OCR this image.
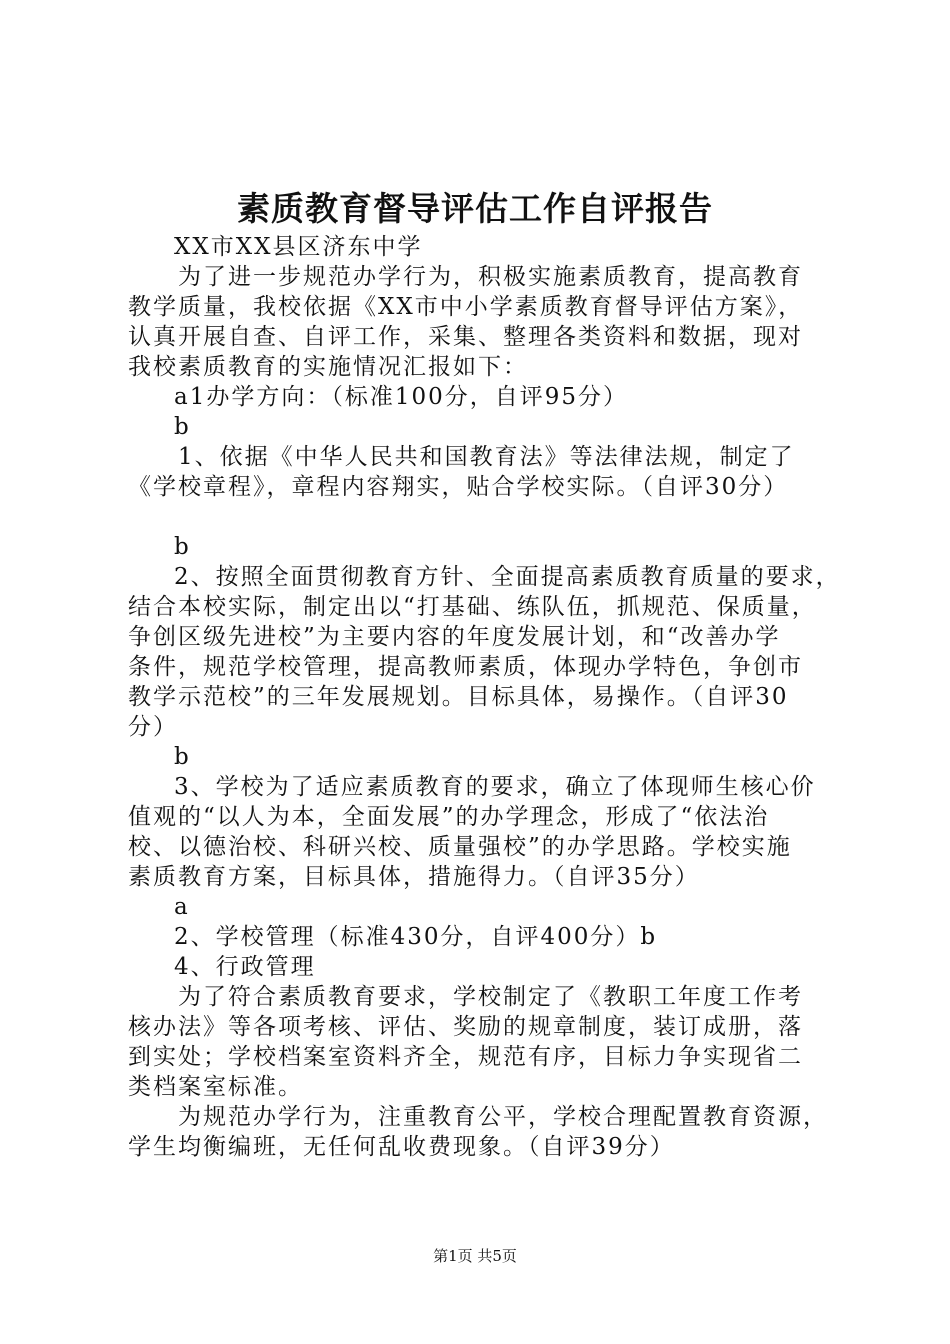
素质教育督导评估工作自评报告
XX市XX县区济东中学
为了进一步规范办学行为，积极实施素质教育，提高教育
教学质量，我校依据《XX市中小学素质教育督导评估方案》，
认真开展自查、自评工作，采集、整理各类资料和数据，现对
我校素质教育的实施情况汇报如下：
a1办学方向：（标准100分，自评95分）
b
1、依据《中华人民共和国教育法》等法律法规，制定了
《学校章程》，章程内容翔实，贴合学校实际。（自评30分）
b
2、按照全面贯彻教育方针、全面提高素质教育质量的要求，
结合本校实际，制定出以“打基础、练队伍，抓规范、保质量，
争创区级先进校”为主要内容的年度发展计划，和“改善办学
条件，规范学校管理，提高教师素质，体现办学特色，争创市
教学示范校”的三年发展规划。目标具体，易操作。（自评30
分）
b
3、学校为了适应素质教育的要求，确立了体现师生核心价
值观的“以人为本，全面发展”的办学理念，形成了“依法治
校、以德治校、科研兴校、质量强校”的办学思路。学校实施
素质教育方案，目标具体，措施得力。（自评35分）
a
2、学校管理（标准430分，自评400分）b
4、行政管理
为了符合素质教育要求，学校制定了《教职工年度工作考
核办法》等各项考核、评估、奖励的规章制度，装订成册，落
到实处；学校档案室资料齐全，规范有序，目标力争实现省二
类档案室标准。
为规范办学行为，注重教育公平，学校合理配置教育资源，
学生均衡编班，无任何乱收费现象。（自评39分）
第1页 共5页
